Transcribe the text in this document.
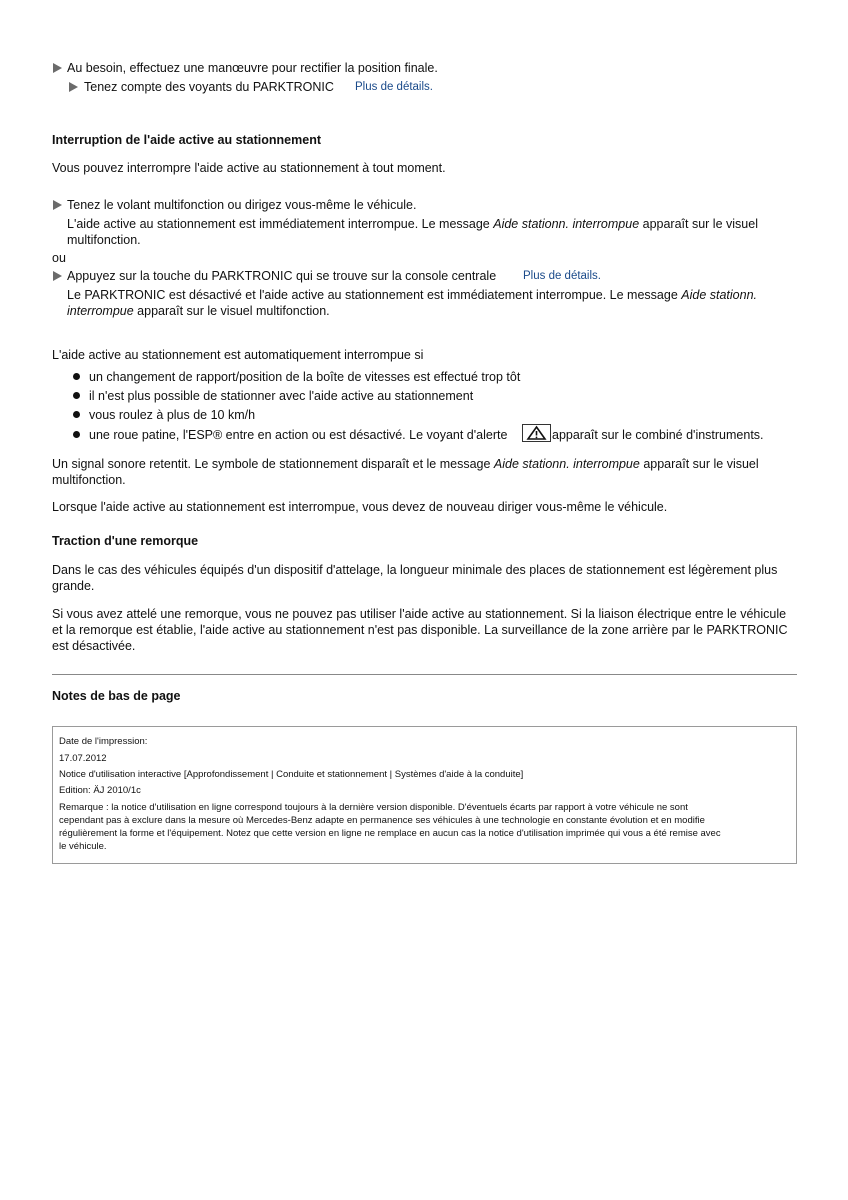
Au besoin, effectuez une manœuvre pour rectifier la position finale.
Tenez compte des voyants du PARKTRONIC Plus de détails.
Interruption de l'aide active au stationnement
Vous pouvez interrompre l'aide active au stationnement à tout moment.
Tenez le volant multifonction ou dirigez vous-même le véhicule.
L'aide active au stationnement est immédiatement interrompue. Le message Aide stationn. interrompue apparaît sur le visuel multifonction.
ou
Appuyez sur la touche du PARKTRONIC qui se trouve sur la console centrale Plus de détails.
Le PARKTRONIC est désactivé et l'aide active au stationnement est immédiatement interrompue. Le message Aide stationn. interrompue apparaît sur le visuel multifonction.
L'aide active au stationnement est automatiquement interrompue si
un changement de rapport/position de la boîte de vitesses est effectué trop tôt
il n'est plus possible de stationner avec l'aide active au stationnement
vous roulez à plus de 10 km/h
une roue patine, l'ESP® entre en action ou est désactivé. Le voyant d'alerte	apparaît sur le combiné d'instruments.
Un signal sonore retentit. Le symbole de stationnement disparaît et le message Aide stationn. interrompue apparaît sur le visuel multifonction.
Lorsque l'aide active au stationnement est interrompue, vous devez de nouveau diriger vous-même le véhicule.
Traction d'une remorque
Dans le cas des véhicules équipés d'un dispositif d'attelage, la longueur minimale des places de stationnement est légèrement plus grande.
Si vous avez attelé une remorque, vous ne pouvez pas utiliser l'aide active au stationnement. Si la liaison électrique entre le véhicule et la remorque est établie, l'aide active au stationnement n'est pas disponible. La surveillance de la zone arrière par le PARKTRONIC est désactivée.
Notes de bas de page
Date de l'impression:
17.07.2012
Notice d'utilisation interactive [Approfondissement | Conduite et stationnement | Systèmes d'aide à la conduite]
Edition: ÄJ 2010/1c
Remarque : la notice d'utilisation en ligne correspond toujours à la dernière version disponible. D'éventuels écarts par rapport à votre véhicule ne sont
cependant pas à exclure dans la mesure où Mercedes-Benz adapte en permanence ses véhicules à une technologie en constante évolution et en modifie
régulièrement la forme et l'équipement. Notez que cette version en ligne ne remplace en aucun cas la notice d'utilisation imprimée qui vous a été remise avec
le véhicule.
